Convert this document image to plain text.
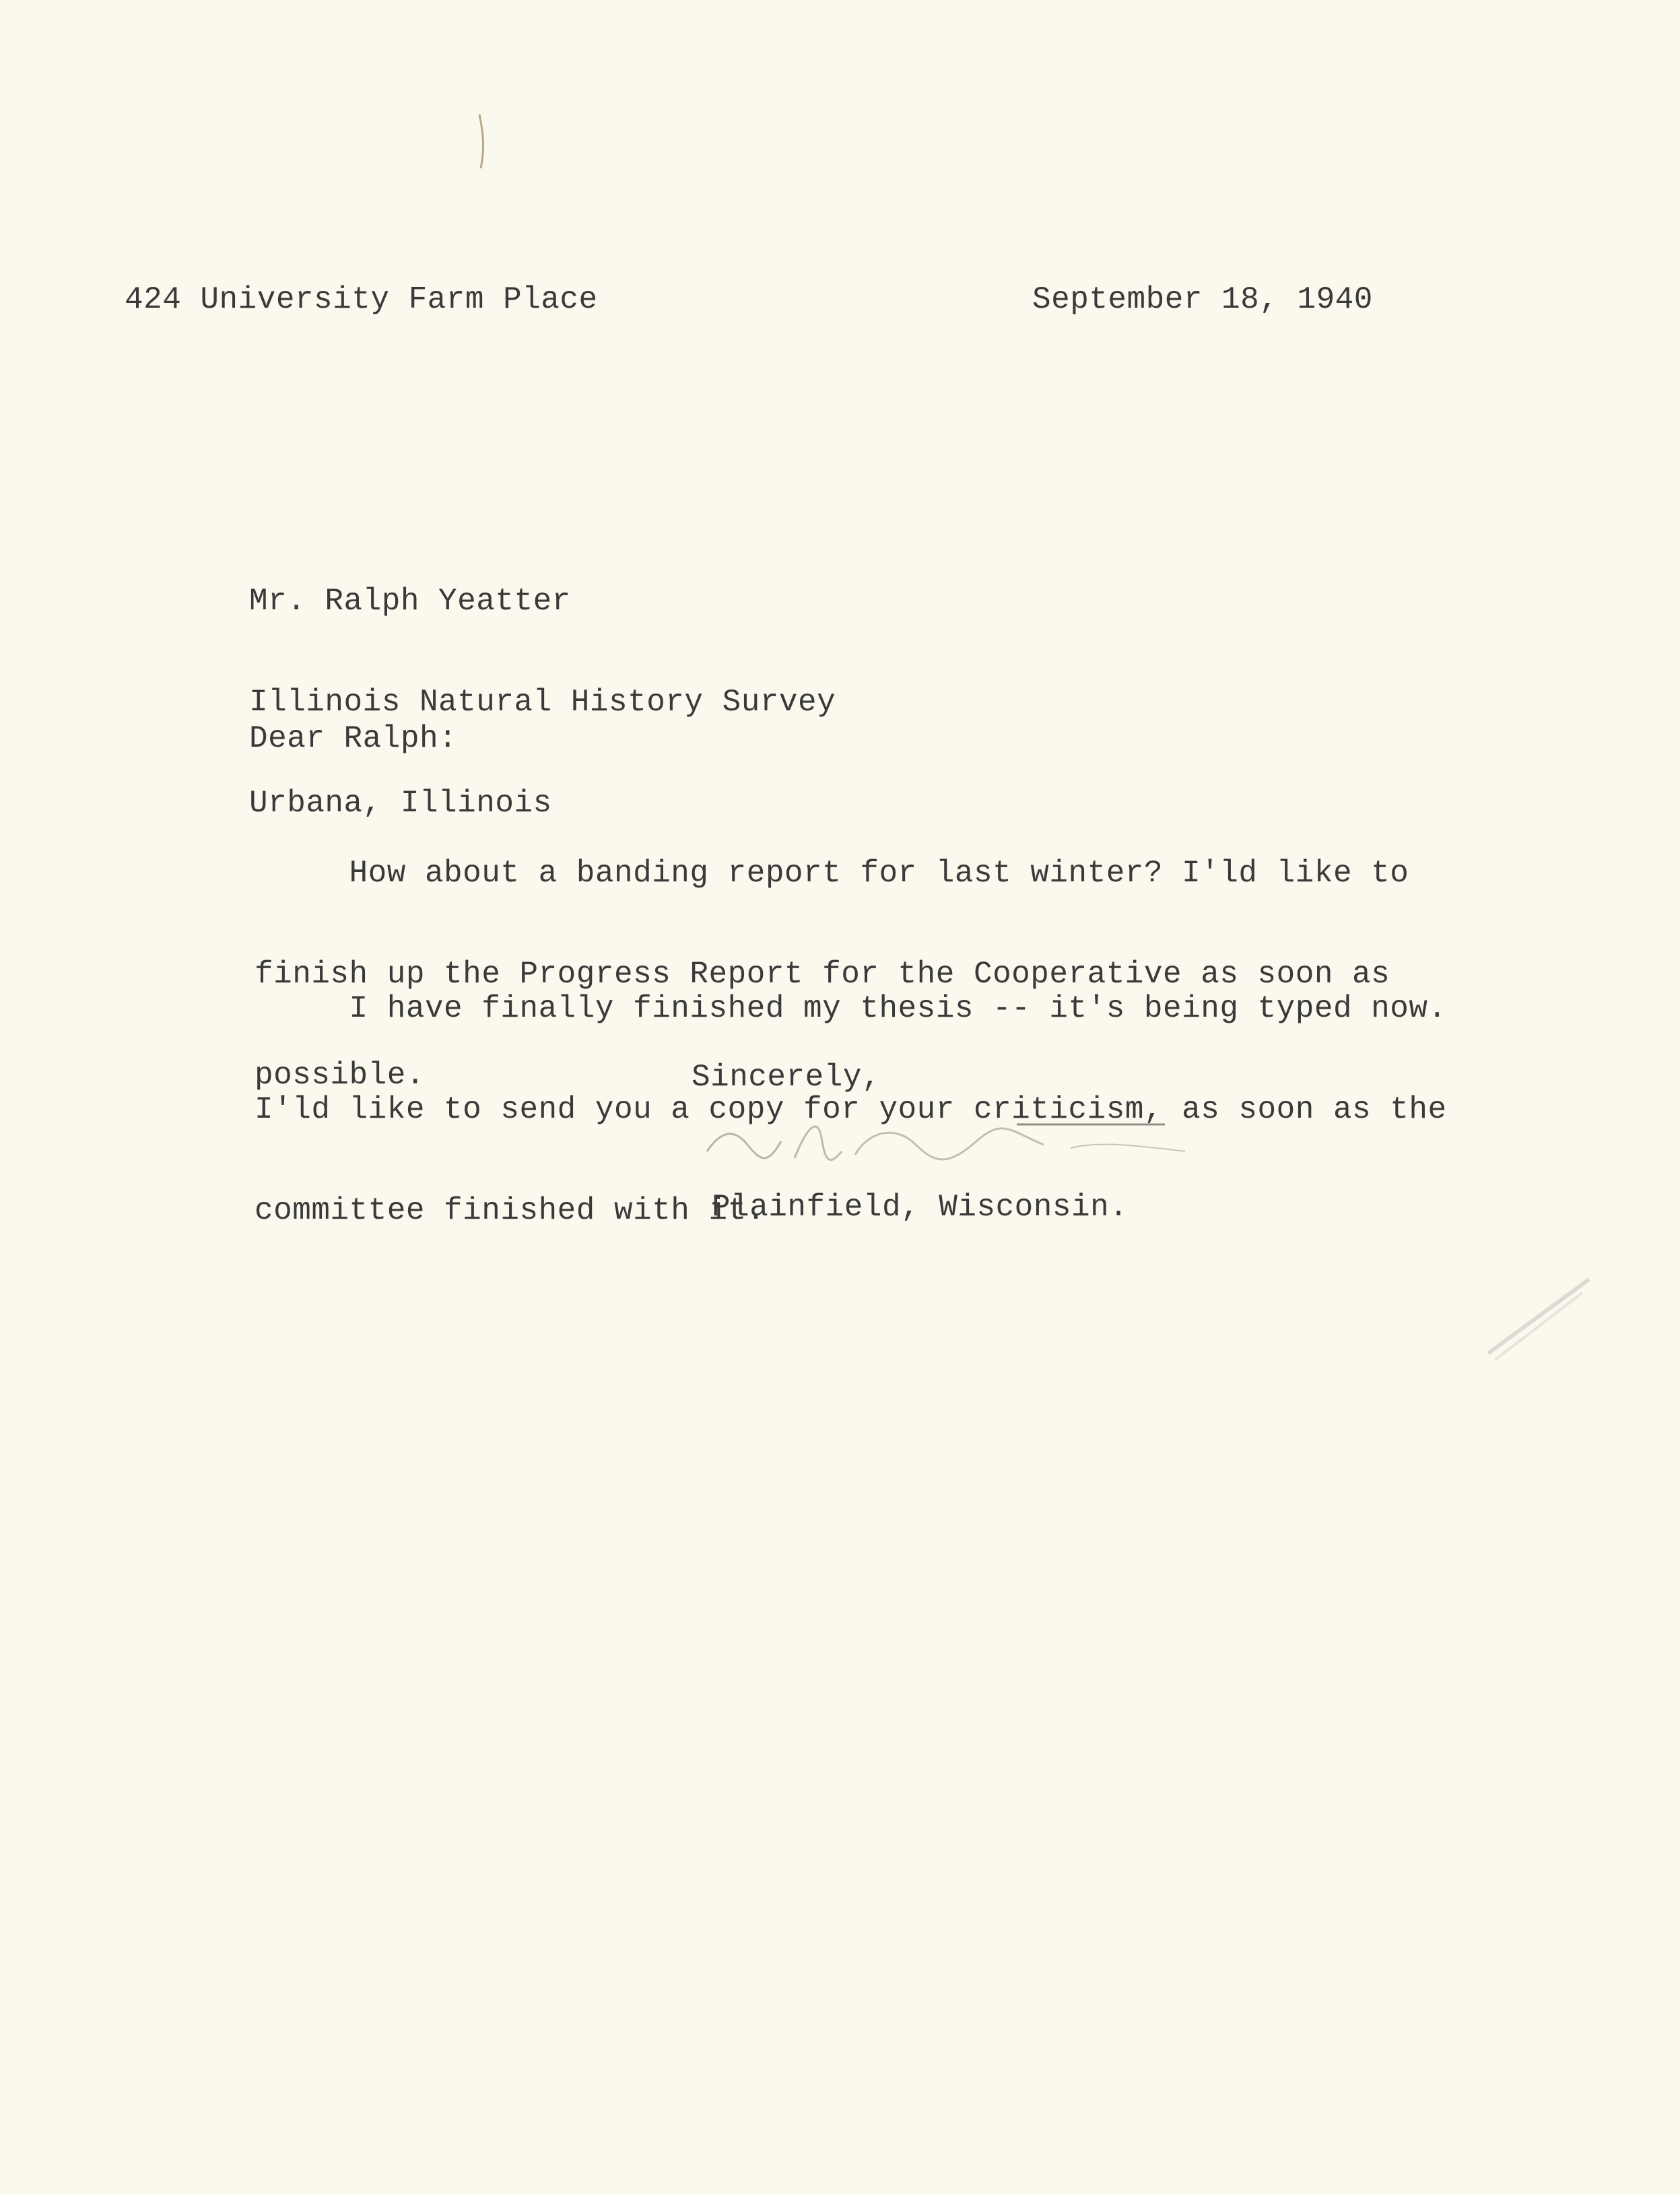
424 University Farm Place	September 18, 1940

Mr. Ralph Yeatter

Illinois Natural History Survey

Urbana, Illinois

Dear Ralph:

How about a banding report for last winter? I'ld like to

finish up the Progress Report for the Cooperative as soon as

possible.

I have finally finished my thesis -- it's being typed now.

I'ld like to send you a copy for your criticism, as soon as the

committee finished with it.

Sincerely,
Plainfield, Wisconsin.
